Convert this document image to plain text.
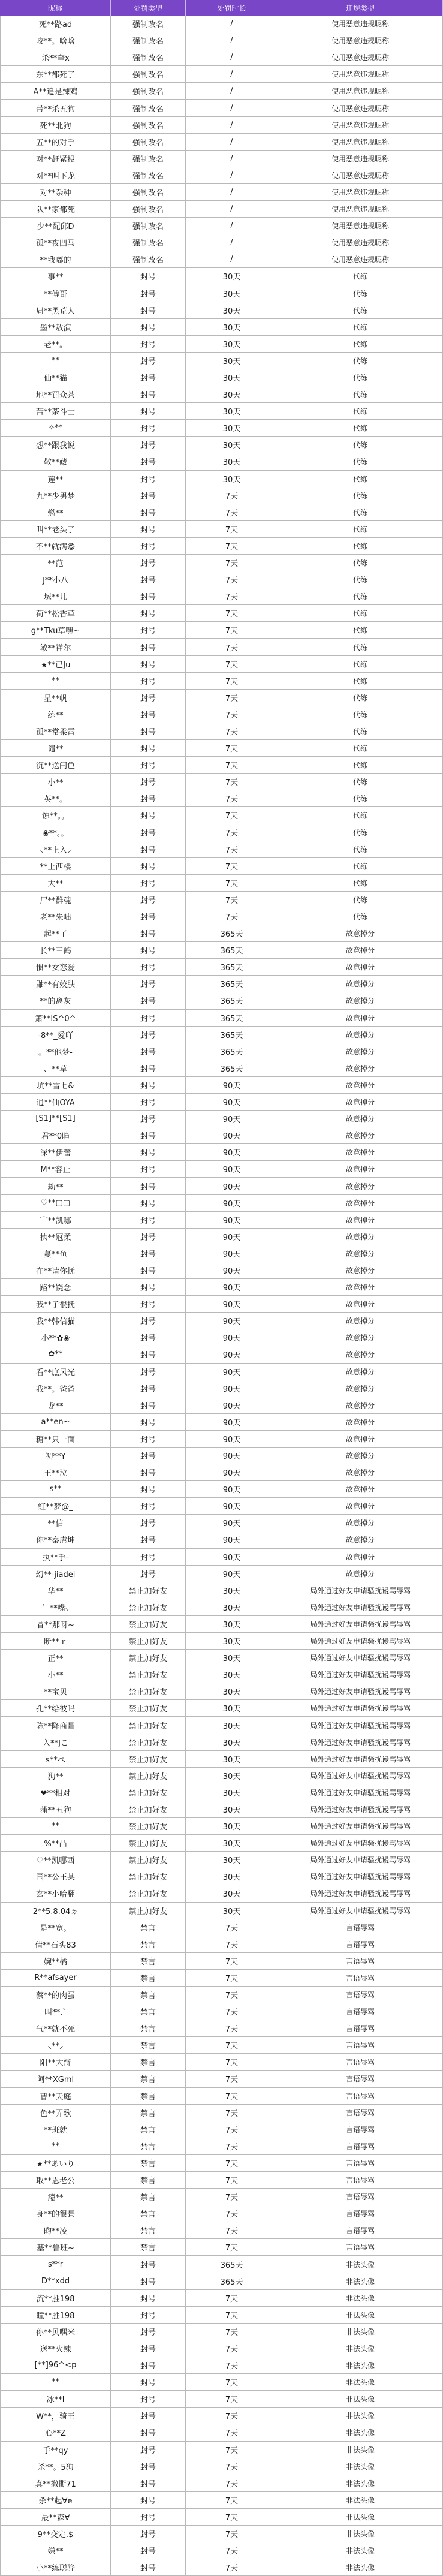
昵称	处罚类型	处罚时长	违规类型
死**路ad	强制改名	/	使用恶意违规昵称
咬**。啥啥	强制改名	/	使用恶意违规昵称
杀**奎x	强制改名	/	使用恶意违规昵称
东**都死了	强制改名	/	使用恶意违规昵称
A**追是辣鸡	强制改名	/	使用恶意违规昵称
带**杀五狗	强制改名	/	使用恶意违规昵称
死**北狗	强制改名	/	使用恶意违规昵称
五**的对手	强制改名	/	使用恶意违规昵称
对**赶紧投	强制改名	/	使用恶意违规昵称
对**叫下龙	强制改名	/	使用恶意违规昵称
对**杂种	强制改名	/	使用恶意违规昵称
队**家都死	强制改名	/	使用恶意违规昵称
少**配邱D	强制改名	/	使用恶意违规昵称
孤**夜凹马	强制改名	/	使用恶意违规昵称
**我嘟的	强制改名	/	使用恶意违规昵称
事**	封号	30天	代练
**傅哥	封号	30天	代练
周**黑荒人	封号	30天	代练
墨**敖演	封号	30天	代练
老**。	封号	30天	代练
**	封号	30天	代练
仙**猫	封号	30天	代练
地**罚众茶	封号	30天	代练
苦**茶斗士	封号	30天	代练
✧**	封号	30天	代练
想**跟我说	封号	30天	代练
敬**藏	封号	30天	代练
莲**	封号	30天	代练
九**少男梦	封号	7天	代练
燃**	封号	7天	代练
叫**老头子	封号	7天	代练
不**就满😋	封号	7天	代练
**范	封号	7天	代练
J**小八	封号	7天	代练
塚**儿	封号	7天	代练
荷**松香草	封号	7天	代练
g**Tku草嘿~	封号	7天	代练
敏**禅尔	封号	7天	代练
★**已Ju	封号	7天	代练
**	封号	7天	代练
星**帆	封号	7天	代练
练**	封号	7天	代练
孤**常柔雷	封号	7天	代练
谴**	封号	7天	代练
沉**送闩色	封号	7天	代练
小**	封号	7天	代练
英**。	封号	7天	代练
蚀**。。	封号	7天	代练
❀**。。	封号	7天	代练
⸜**上入⸝	封号	7天	代练
**上西楼	封号	7天	代练
大**	封号	7天	代练
尸**群魂	封号	7天	代练
老**朱咄	封号	7天	代练
起**了	封号	365天	故意掉分
长**三鹤	封号	365天	故意掉分
惯**女恋爱	封号	365天	故意掉分
鼬**有姣肤	封号	365天	故意掉分
**的离灰	封号	365天	故意掉分
箫**IS^0^	封号	365天	故意掉分
-8**_爱吖	封号	365天	故意掉分
。**他梦-	封号	365天	故意掉分
、**草	封号	365天	故意掉分
坑**雪七&	封号	90天	故意掉分
逍**仙OYA	封号	90天	故意掉分
[S1]**[S1]	封号	90天	故意掉分
君**0瞳	封号	90天	故意掉分
深**伊蕾	封号	90天	故意掉分
M**容止	封号	90天	故意掉分
劫**	封号	90天	故意掉分
♡**▢▢	封号	90天	故意掉分
⌒**凯哪	封号	90天	故意掉分
执**冠柔	封号	90天	故意掉分
蔓**鱼	封号	90天	故意掉分
在**请你抚	封号	90天	故意掉分
路**饶念	封号	90天	故意掉分
我**子很抚	封号	90天	故意掉分
我**韩信猫	封号	90天	故意掉分
小**✿❀	封号	90天	故意掉分
✿**	封号	90天	故意掉分
看**庶风光	封号	90天	故意掉分
我**。爸爸	封号	90天	故意掉分
龙**	封号	90天	故意掉分
a**en~	封号	90天	故意掉分
糖**只一面	封号	90天	故意掉分
初**Y	封号	90天	故意掉分
王**泣	封号	90天	故意掉分
s**	封号	90天	故意掉分
红**梦@_	封号	90天	故意掉分
**信	封号	90天	故意掉分
你**秦虐坤	封号	90天	故意掉分
执**手-	封号	90天	故意掉分
幻**-jiadei	封号	90天	故意掉分
华**	禁止加好友	30天	局外通过好友申请骚扰谩骂辱骂
゛**嘴⸜	禁止加好友	30天	局外通过好友申请骚扰谩骂辱骂
冒**那呀~	禁止加好友	30天	局外通过好友申请骚扰谩骂辱骂
断**ｒ	禁止加好友	30天	局外通过好友申请骚扰谩骂辱骂
正**	禁止加好友	30天	局外通过好友申请骚扰谩骂辱骂
小**	禁止加好友	30天	局外通过好友申请骚扰谩骂辱骂
**宝贝	禁止加好友	30天	局外通过好友申请骚扰谩骂辱骂
孔**给彼吗	禁止加好友	30天	局外通过好友申请骚扰谩骂辱骂
陈**降商量	禁止加好友	30天	局外通过好友申请骚扰谩骂辱骂
入**Jこ	禁止加好友	30天	局外通过好友申请骚扰谩骂辱骂
s**ぺ	禁止加好友	30天	局外通过好友申请骚扰谩骂辱骂
狗**	禁止加好友	30天	局外通过好友申请骚扰谩骂辱骂
❤**相对	禁止加好友	30天	局外通过好友申请骚扰谩骂辱骂
蒲**五狗	禁止加好友	30天	局外通过好友申请骚扰谩骂辱骂
**	禁止加好友	30天	局外通过好友申请骚扰谩骂辱骂
%**凸	禁止加好友	30天	局外通过好友申请骚扰谩骂辱骂
♡**凯哪西	禁止加好友	30天	局外通过好友申请骚扰谩骂辱骂
国**公王某	禁止加好友	30天	局外通过好友申请骚扰谩骂辱骂
玄**小哈翻	禁止加好友	30天	局外通过好友申请骚扰谩骂辱骂
2**5.8.04ㄉ	禁止加好友	30天	局外通过好友申请骚扰谩骂辱骂
是**宽。	禁言	7天	言语辱骂
倩**石头83	禁言	7天	言语辱骂
婉**橘	禁言	7天	言语辱骂
R**afsayer	禁言	7天	言语辱骂
蔡**的肉蛋	禁言	7天	言语辱骂
叫**.`	禁言	7天	言语辱骂
气**就不死	禁言	7天	言语辱骂
⸜**⸝	禁言	7天	言语辱骂
阳**大辩	禁言	7天	言语辱骂
阿**XGml	禁言	7天	言语辱骂
曹**天庭	禁言	7天	言语辱骂
色**弄歌	禁言	7天	言语辱骂
**班就	禁言	7天	言语辱骂
**	禁言	7天	言语辱骂
★**あいり	禁言	7天	言语辱骂
取**恩老公	禁言	7天	言语辱骂
瘾**	禁言	7天	言语辱骂
身**的很景	禁言	7天	言语辱骂
昀**凌	禁言	7天	言语辱骂
基**鲁班~	禁言	7天	言语辱骂
s**r	封号	365天	非法头像
D**xdd	封号	365天	非法头像
流**胜198	封号	7天	非法头像
瞳**胜198	封号	7天	非法头像
你**贝嘿米	封号	7天	非法头像
送**火辣	封号	7天	非法头像
[**]96^<p	封号	7天	非法头像
**	封号	7天	非法头像
冰**l	封号	7天	非法头像
W**，骑王	封号	7天	非法头像
心**Z	封号	7天	非法头像
手**qy	封号	7天	非法头像
杀**。5狗	封号	7天	非法头像
真**撤撕71	封号	7天	非法头像
杀**起∀e	封号	7天	非法头像
最**森∀	封号	7天	非法头像
9**交定.$	封号	7天	非法头像
嫌**	封号	7天	非法头像
小**练聪骅	封号	7天	非法头像
